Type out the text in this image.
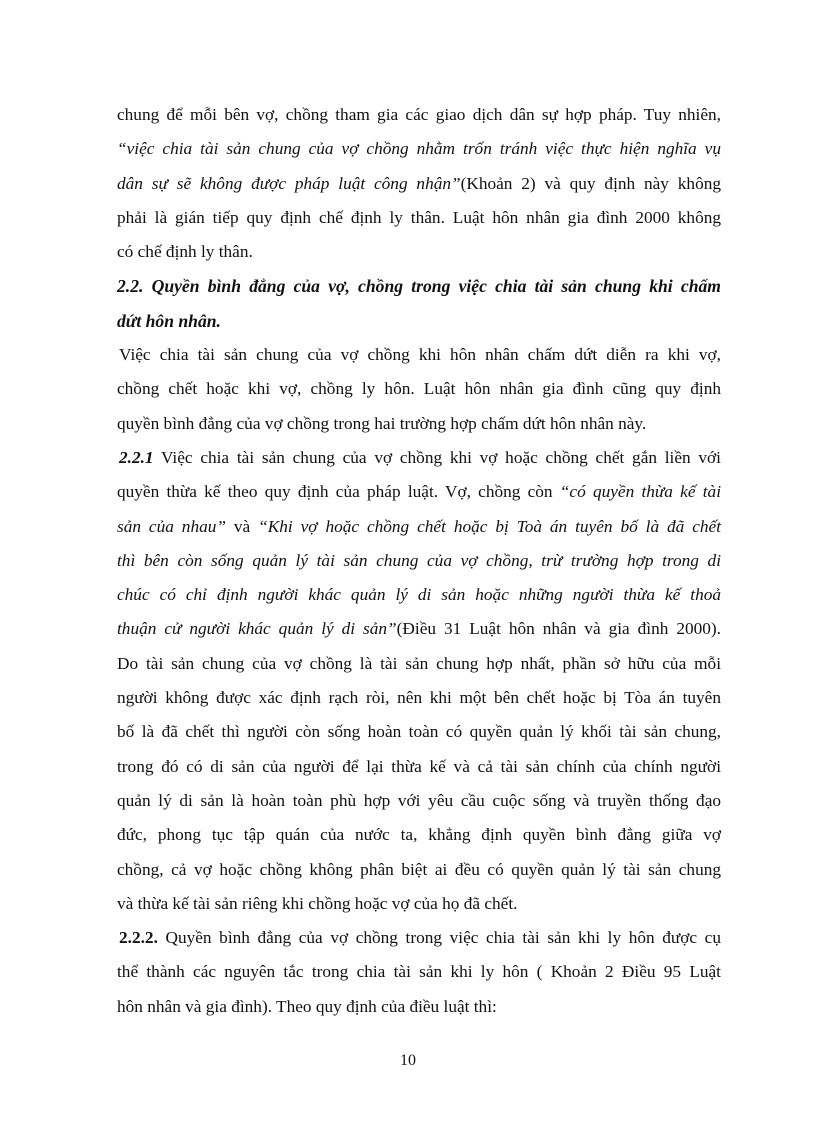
chung để mỗi bên vợ, chồng tham gia các giao dịch dân sự hợp pháp. Tuy nhiên,
“việc chia tài sản chung của vợ chồng nhằm trốn tránh việc thực hiện nghĩa vụ
dân sự sẽ không được pháp luật công nhận”(Khoản 2) và quy định này không
phải là gián tiếp quy định chế định ly thân. Luật hôn nhân gia đình 2000 không
có chế định ly thân.
2.2. Quyền bình đẳng của vợ, chồng trong việc chia tài sản chung khi chấm
dứt hôn nhân.
Việc chia tài sản chung của vợ chồng khi hôn nhân chấm dứt diễn ra khi vợ,
chồng chết hoặc khi vợ, chồng ly hôn. Luật hôn nhân gia đình cũng quy định
quyền bình đẳng của vợ chồng trong hai trường hợp chấm dứt hôn nhân này.
2.2.1 Việc chia tài sản chung của vợ chồng khi vợ hoặc chồng chết gắn liền với
quyền thừa kế theo quy định của pháp luật. Vợ, chồng còn “có quyền thừa kế tài
sản của nhau” và “Khi vợ hoặc chồng chết hoặc bị Toà án tuyên bố là đã chết
thì bên còn sống quản lý tài sản chung của vợ chồng, trừ trường hợp trong di
chúc có chỉ định người khác quản lý di sản hoặc những người thừa kế thoả
thuận cử người khác quản lý di sản”(Điều 31 Luật hôn nhân và gia đình 2000).
Do tài sản chung của vợ chồng là tài sản chung hợp nhất, phần sở hữu của mỗi
người không được xác định rạch ròi, nên khi một bên chết hoặc bị Tòa án tuyên
bố là đã chết thì người còn sống hoàn toàn có quyền quản lý khối tài sản chung,
trong đó có di sản của người để lại thừa kế và cả tài sản chính của chính người
quản lý di sản là hoàn toàn phù hợp với yêu cầu cuộc sống và truyền thống đạo
đức, phong tục tập quán của nước ta, khẳng định quyền bình đẳng giữa vợ
chồng, cả vợ hoặc chồng không phân biệt ai đều có quyền quản lý tài sản chung
và thừa kế tài sản riêng khi chồng hoặc vợ của họ đã chết.
2.2.2. Quyền bình đẳng của vợ chồng trong việc chia tài sản khi ly hôn được cụ
thể thành các nguyên tắc trong chia tài sản khi ly hôn ( Khoản 2 Điều 95 Luật
hôn nhân và gia đình). Theo quy định của điều luật thì:
10
